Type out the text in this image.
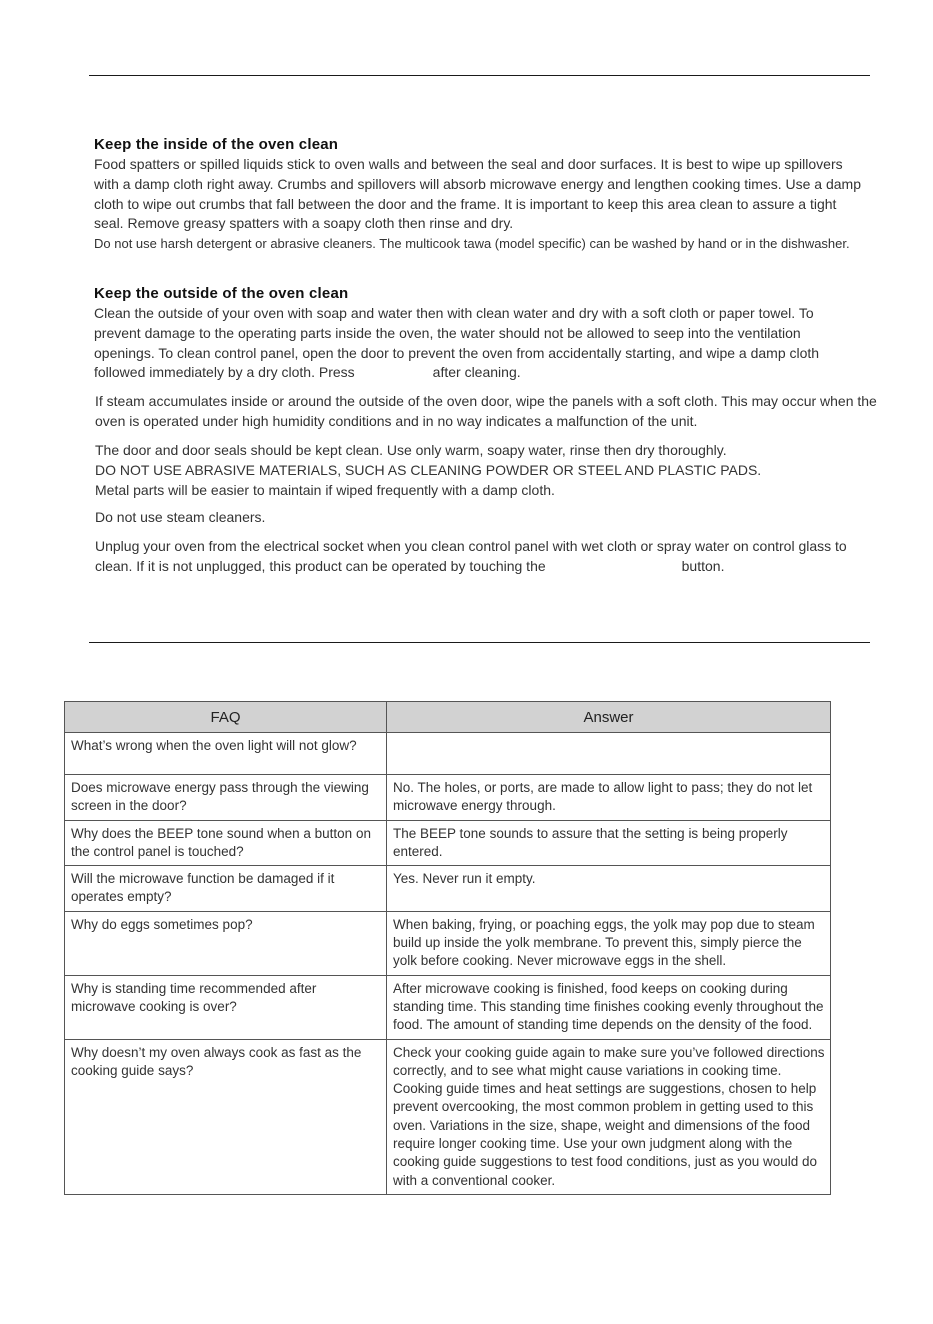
Keep the inside of the oven clean

Food spatters or spilled liquids stick to oven walls and between the seal and door surfaces. It is best to wipe up spillovers with a damp cloth right away. Crumbs and spillovers will absorb microwave energy and lengthen cooking times. Use a damp cloth to wipe out crumbs that fall between the door and the frame. It is important to keep this area clean to assure a tight seal. Remove greasy spatters with a soapy cloth then rinse and dry.

Do not use harsh detergent or abrasive cleaners. The multicook tawa (model specific) can be washed by hand or in the dishwasher.

Keep the outside of the oven clean

Clean the outside of your oven with soap and water then with clean water and dry with a soft cloth or paper towel. To prevent damage to the operating parts inside the oven, the water should not be allowed to seep into the ventilation openings. To clean control panel, open the door to prevent the oven from accidentally starting, and wipe a damp cloth followed immediately by a dry cloth. Press	after cleaning.

If steam accumulates inside or around the outside of the oven door, wipe the panels with a soft cloth. This may occur when the oven is operated under high humidity conditions and in no way indicates a malfunction of the unit.

The door and door seals should be kept clean. Use only warm, soapy water, rinse then dry thoroughly.
DO NOT USE ABRASIVE MATERIALS, SUCH AS CLEANING POWDER OR STEEL AND PLASTIC PADS.
Metal parts will be easier to maintain if wiped frequently with a damp cloth.

Do not use steam cleaners.

Unplug your oven from the electrical socket when you clean control panel with wet cloth or spray water on control glass to clean. If it is not unplugged, this product can be operated by touching the	button.

FAQ	Answer
What’s wrong when the oven light will not glow?	
Does microwave energy pass through the viewing screen in the door?	No. The holes, or ports, are made to allow light to pass; they do not let microwave energy through.
Why does the BEEP tone sound when a button on the control panel is touched?	The BEEP tone sounds to assure that the setting is being properly entered.
Will the microwave function be damaged if it operates empty?	Yes. Never run it empty.
Why do eggs sometimes pop?	When baking, frying, or poaching eggs, the yolk may pop due to steam build up inside the yolk membrane. To prevent this, simply pierce the yolk before cooking. Never microwave eggs in the shell.
Why is standing time recommended after microwave cooking is over?	After microwave cooking is finished, food keeps on cooking during standing time. This standing time finishes cooking evenly throughout the food. The amount of standing time depends on the density of the food.
Why doesn’t my oven always cook as fast as the cooking guide says?	Check your cooking guide again to make sure you’ve followed directions correctly, and to see what might cause variations in cooking time. Cooking guide times and heat settings are suggestions, chosen to help prevent overcooking, the most common problem in getting used to this oven. Variations in the size, shape, weight and dimensions of the food require longer cooking time. Use your own judgment along with the cooking guide suggestions to test food conditions, just as you would do with a conventional cooker.
